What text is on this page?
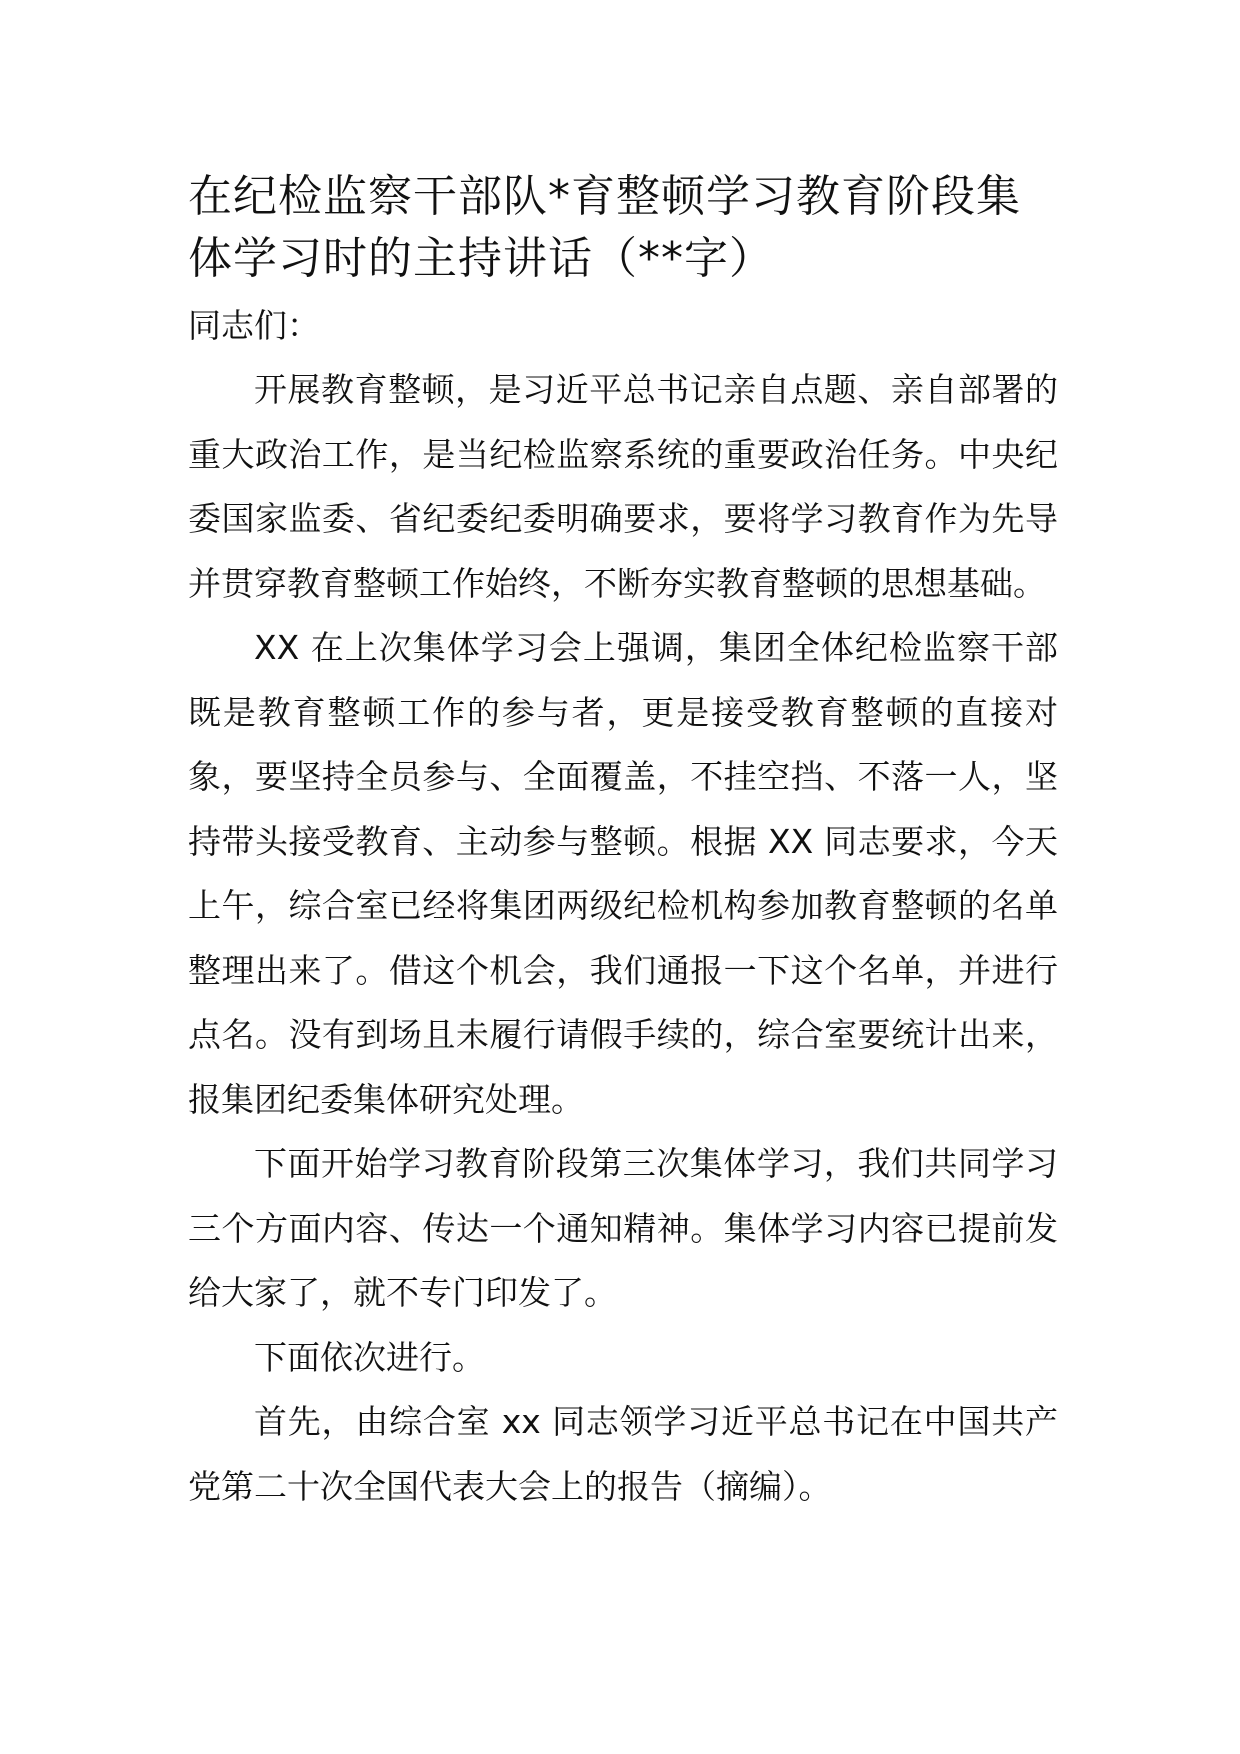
在纪检监察干部队*育整顿学习教育阶段集体学习时的主持讲话（**字）

同志们：

开展教育整顿，是习近平总书记亲自点题、亲自部署的重大政治工作，是当纪检监察系统的重要政治任务。中央纪委国家监委、省纪委纪委明确要求，要将学习教育作为先导并贯穿教育整顿工作始终，不断夯实教育整顿的思想基础。

XX 在上次集体学习会上强调，集团全体纪检监察干部既是教育整顿工作的参与者，更是接受教育整顿的直接对象，要坚持全员参与、全面覆盖，不挂空挡、不落一人，坚持带头接受教育、主动参与整顿。根据 XX 同志要求，今天上午，综合室已经将集团两级纪检机构参加教育整顿的名单整理出来了。借这个机会，我们通报一下这个名单，并进行点名。没有到场且未履行请假手续的，综合室要统计出来，报集团纪委集体研究处理。

下面开始学习教育阶段第三次集体学习，我们共同学习三个方面内容、传达一个通知精神。集体学习内容已提前发给大家了，就不专门印发了。

下面依次进行。

首先，由综合室 xx 同志领学习近平总书记在中国共产党第二十次全国代表大会上的报告（摘编）。
